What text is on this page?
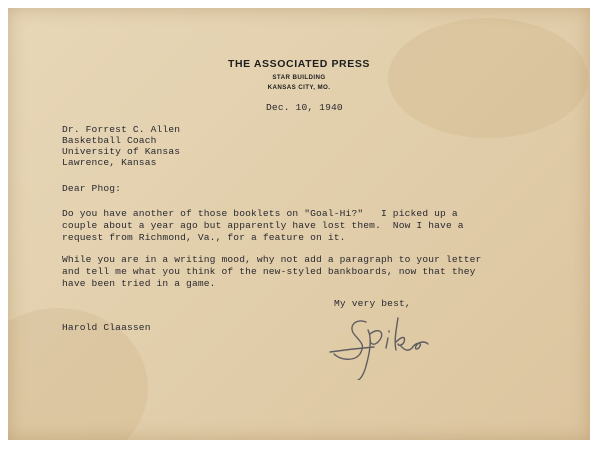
THE ASSOCIATED PRESS
STAR BUILDING
KANSAS CITY, MO.
Dec. 10, 1940
Dr. Forrest C. Allen
Basketball Coach
University of Kansas
Lawrence, Kansas
Dear Phog:
Do you have another of those booklets on "Goal-Hi?"   I picked up a
couple about a year ago but apparently have lost them.  Now I have a
request from Richmond, Va., for a feature on it.
While you are in a writing mood, why not add a paragraph to your letter
and tell me what you think of the new-styled bankboards, now that they
have been tried in a game.
My very best,
Harold Claassen
